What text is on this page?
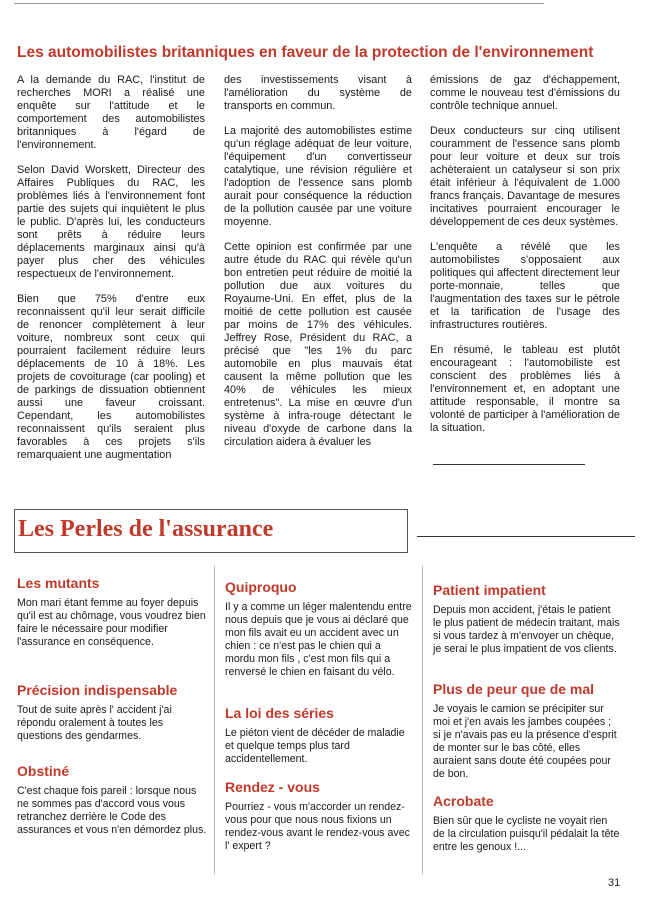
Les automobilistes britanniques en faveur de la protection de l'environnement

A la demande du RAC, l'institut de recherches MORI a réalisé une enquête sur l'attitude et le comportement des automobilistes britanniques à l'égard de l'environnement.

Selon David Worskett, Directeur des Affaires Publiques du RAC, les problèmes liés à l'environnement font partie des sujets qui inquiètent le plus le public. D'après lui, les conducteurs sont prêts à réduire leurs déplacements marginaux ainsi qu'à payer plus cher des véhicules respectueux de l'environnement.

Bien que 75% d'entre eux reconnaissent qu'il leur serait difficile de renoncer complètement à leur voiture, nombreux sont ceux qui pourraient facilement réduire leurs déplacements de 10 à 18%. Les projets de covoiturage (car pooling) et de parkings de dissuation obtiennent aussi une faveur croissant. Cependant, les automobilistes reconnaissent qu'ils seraient plus favorables à ces projets s'ils remarquaient une augmentation

des investissements visant à l'amélioration du système de transports en commun.

La majorité des automobilistes estime qu'un réglage adéquat de leur voiture, l'équipement d'un convertisseur catalytique, une révision régulière et l'adoption de l'essence sans plomb aurait pour conséquence la réduction de la pollution causée par une voiture moyenne.

Cette opinion est confirmée par une autre étude du RAC qui révèle qu'un bon entretien peut réduire de moitié la pollution due aux voitures du Royaume-Uni. En effet, plus de la moitié de cette pollution est causée par moins de 17% des véhicules. Jeffrey Rose, Président du RAC, a précisé que "les 1% du parc automobile en plus mauvais état causent la même pollution que les 40% de véhicules les mieux entretenus". La mise en œuvre d'un système à infra-rouge détectant le niveau d'oxyde de carbone dans la circulation aidera à évaluer les

émissions de gaz d'échappement, comme le nouveau test d'émissions du contrôle technique annuel.

Deux conducteurs sur cinq utilisent couramment de l'essence sans plomb pour leur voiture et deux sur trois achèteraient un catalyseur si son prix était inférieur à l'équivalent de 1.000 francs français. Davantage de mesures incitatives pourraient encourager le développement de ces deux systèmes.

L'enquête a révélé que les automobilistes s'opposaient aux politiques qui affectent directement leur porte-monnaie, telles que l'augmentation des taxes sur le pétrole et la tarification de l'usage des infrastructures routières.

En résumé, le tableau est plutôt encourageant : l'automobiliste est conscient des problèmes liés à l'environnement et, en adoptant une attitude responsable, il montre sa volonté de participer à l'amélioration de la situation.

Les Perles de l'assurance
Les mutants

Mon mari étant femme au foyer depuis qu'il est au chômage, vous voudrez bien faire le nécessaire pour modifier l'assurance en conséquence.

Précision indispensable

Tout de suite après l' accident j'ai répondu oralement à toutes les questions des gendarmes.

Obstiné

C'est chaque fois pareil : lorsque nous ne sommes pas d'accord vous vous retranchez derrière le Code des assurances et vous n'en démordez plus.

Quiproquo

Il y a comme un léger malentendu entre nous depuis que je vous ai déclaré que mon fils avait eu un accident avec un chien : ce n'est pas le chien qui a mordu mon fils , c'est mon fils qui a renversé le chien en faisant du vélo.

La loi des séries

Le piéton vient de décéder de maladie et quelque temps plus tard accidentellement.

Rendez - vous

Pourriez - vous m'accorder un rendez-vous pour que nous nous fixions un rendez-vous avant le rendez-vous avec l' expert ?

Patient impatient

Depuis mon accident, j'étais le patient le plus patient de médecin traitant, mais si vous tardez à m'envoyer un chèque, je serai le plus impatient de vos clients.

Plus de peur que de mal

Je voyais le camion se précipiter sur moi et j'en avais les jambes coupées ; si je n'avais pas eu la présence d'esprit de monter sur le bas côté, elles auraient sans doute été coupées pour de bon.

Acrobate

Bien sûr que le cycliste ne voyait rien de la circulation puisqu'il pédalait la tête entre les genoux !...

31
